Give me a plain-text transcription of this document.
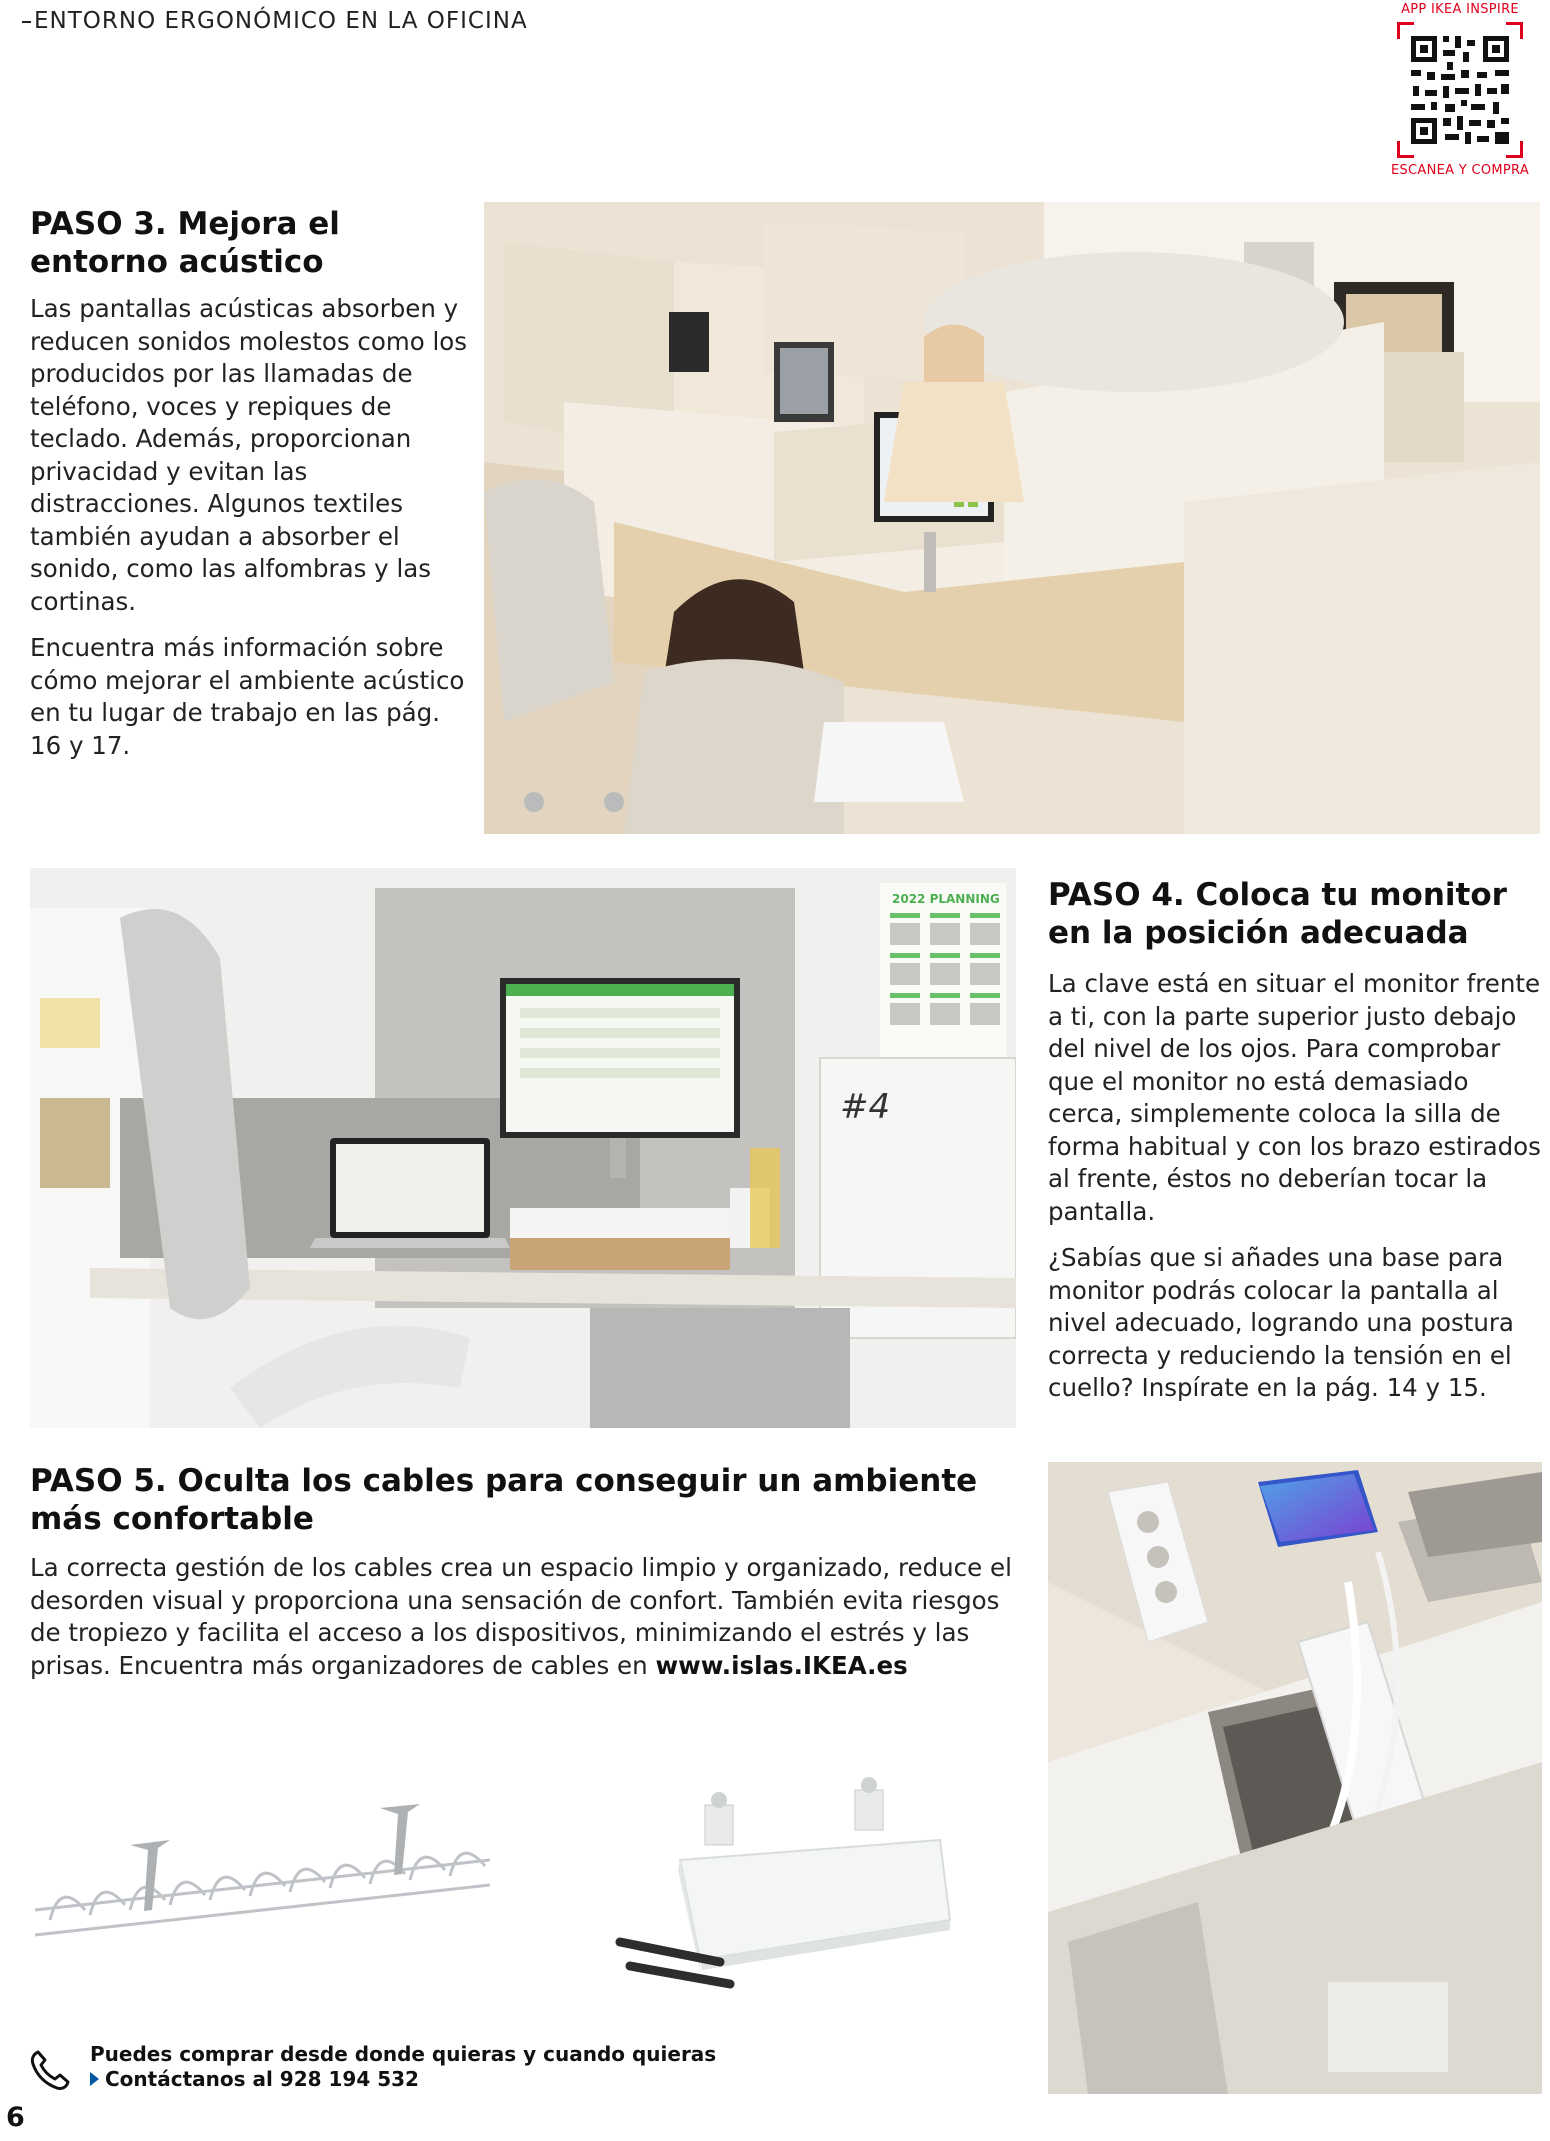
ENTORNO ERGONÓMICO EN LA OFICINA	APP IKEA INSPIRE
ESCANEA Y COMPRA
PASO 3. Mejora el entorno acústico

Las pantallas acústicas absorben y reducen sonidos molestos como los producidos por las llamadas de teléfono, voces y repiques de teclado. Además, proporcionan privacidad y evitan las distracciones. Algunos textiles también ayudan a absorber el sonido, como las alfombras y las cortinas.

Encuentra más información sobre cómo mejorar el ambiente acústico en tu lugar de trabajo en las pág. 16 y 17.

2022 PLANNING
#4
PASO 4. Coloca tu monitor en la posición adecuada

La clave está en situar el monitor frente a ti, con la parte superior justo debajo del nivel de los ojos. Para comprobar que el monitor no está demasiado cerca, simplemente coloca la silla de forma habitual y con los brazo estirados al frente, éstos no deberían tocar la pantalla.

¿Sabías que si añades una base para monitor podrás colocar la pantalla al nivel adecuado, logrando una postura correcta y reduciendo la tensión en el cuello? Inspírate en la pág. 14 y 15.

PASO 5. Oculta los cables para conseguir un ambiente más confortable

La correcta gestión de los cables crea un espacio limpio y organizado, reduce el desorden visual y proporciona una sensación de confort. También evita riesgos de tropiezo y facilita el acceso a los dispositivos, minimizando el estrés y las prisas. Encuentra más organizadores de cables en www.islas.IKEA.es

Puedes comprar desde donde quieras y cuando quieras
Contáctanos al 928 194 532
6
